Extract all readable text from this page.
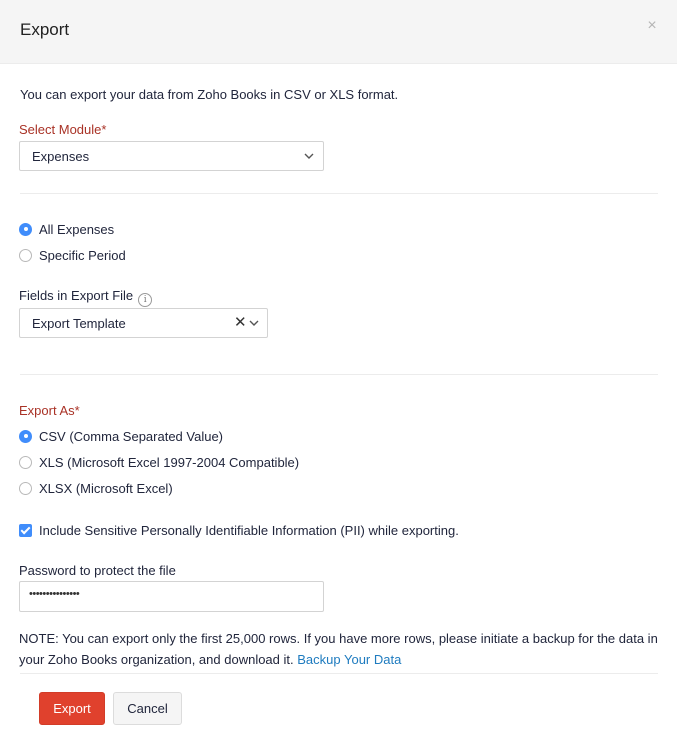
Export	×
You can export your data from Zoho Books in CSV or XLS format.
Select Module*
Expenses
All Expenses
Specific Period
Fields in Export File i
Export Template	✕
Export As*
CSV (Comma Separated Value)
XLS (Microsoft Excel 1997-2004 Compatible)
XLSX (Microsoft Excel)
Include Sensitive Personally Identifiable Information (PII) while exporting.
Password to protect the file
•••••••••••••••
NOTE: You can export only the first 25,000 rows. If you have more rows, please initiate a backup for the data in your Zoho Books organization, and download it. Backup Your Data
Export	Cancel
